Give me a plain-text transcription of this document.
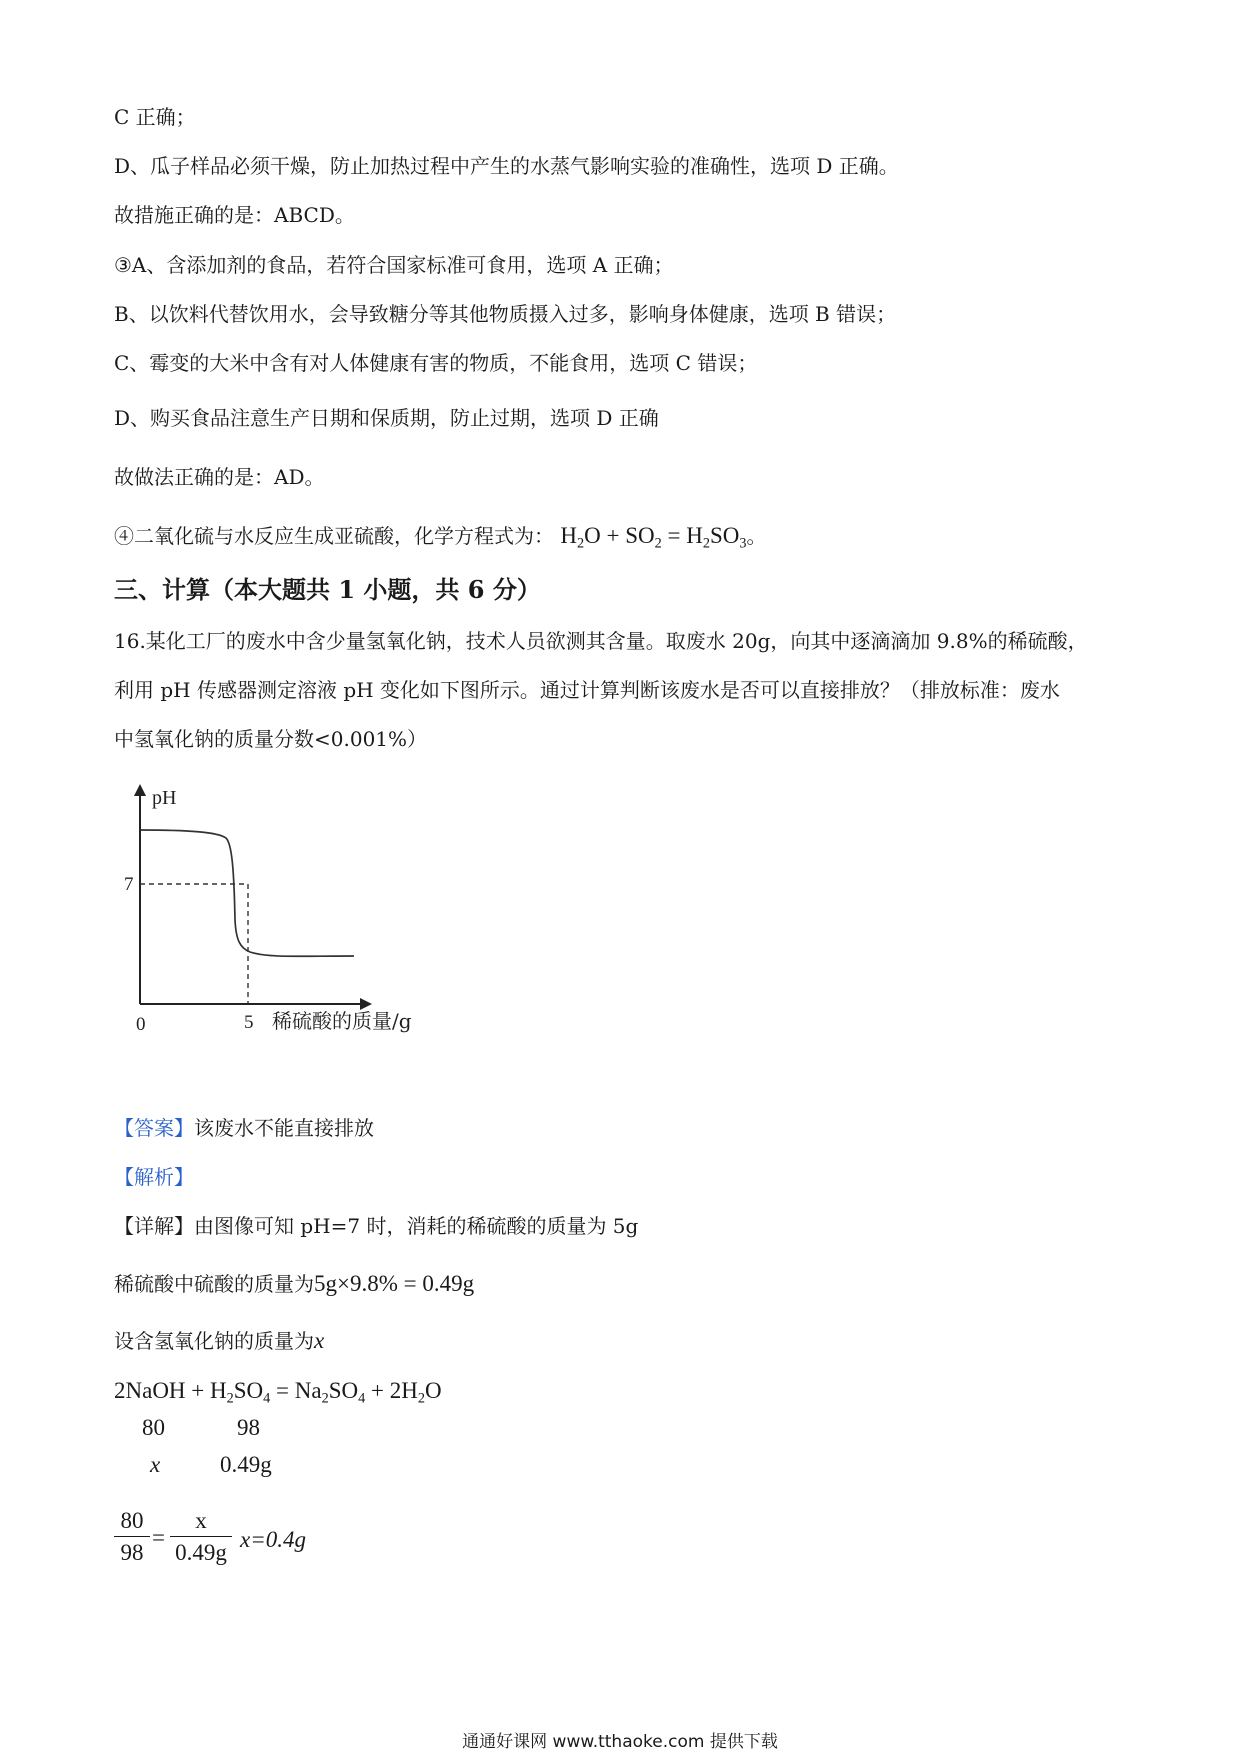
C 正确；
D、瓜子样品必须干燥，防止加热过程中产生的水蒸气影响实验的准确性，选项 D 正确。
故措施正确的是：ABCD。
③A、含添加剂的食品，若符合国家标准可食用，选项 A 正确；
B、以饮料代替饮用水，会导致糖分等其他物质摄入过多，影响身体健康，选项 B 错误；
C、霉变的大米中含有对人体健康有害的物质，不能食用，选项 C 错误；
D、购买食品注意生产日期和保质期，防止过期，选项 D 正确
故做法正确的是：AD。
④二氧化硫与水反应生成亚硫酸，化学方程式为： $H_2O + SO_2 = H_2SO_3$。
三、计算（本大题共 1 小题，共 6 分）
16.某化工厂的废水中含少量氢氧化钠，技术人员欲测其含量。取废水 20g，向其中逐滴滴加 9.8%的稀硫酸，
利用 pH 传感器测定溶液 pH 变化如下图所示。通过计算判断该废水是否可以直接排放？（排放标准：废水
中氢氧化钠的质量分数<0.001%）
pH
7
0	5 稀硫酸的质量/g
【答案】该废水不能直接排放
【解析】
【详解】由图像可知 pH=7 时，消耗的稀硫酸的质量为 5g
稀硫酸中硫酸的质量为5g×9.8% = 0.49g
设含氢氧化钠的质量为x
2NaOH + $H_2SO_4 = Na_2SO_4 + 2H_2O$
80	98
x	0.49g
80
98
=
x
0.49g
x=0.4g
通通好课网 www.tthaoke.com 提供下载
